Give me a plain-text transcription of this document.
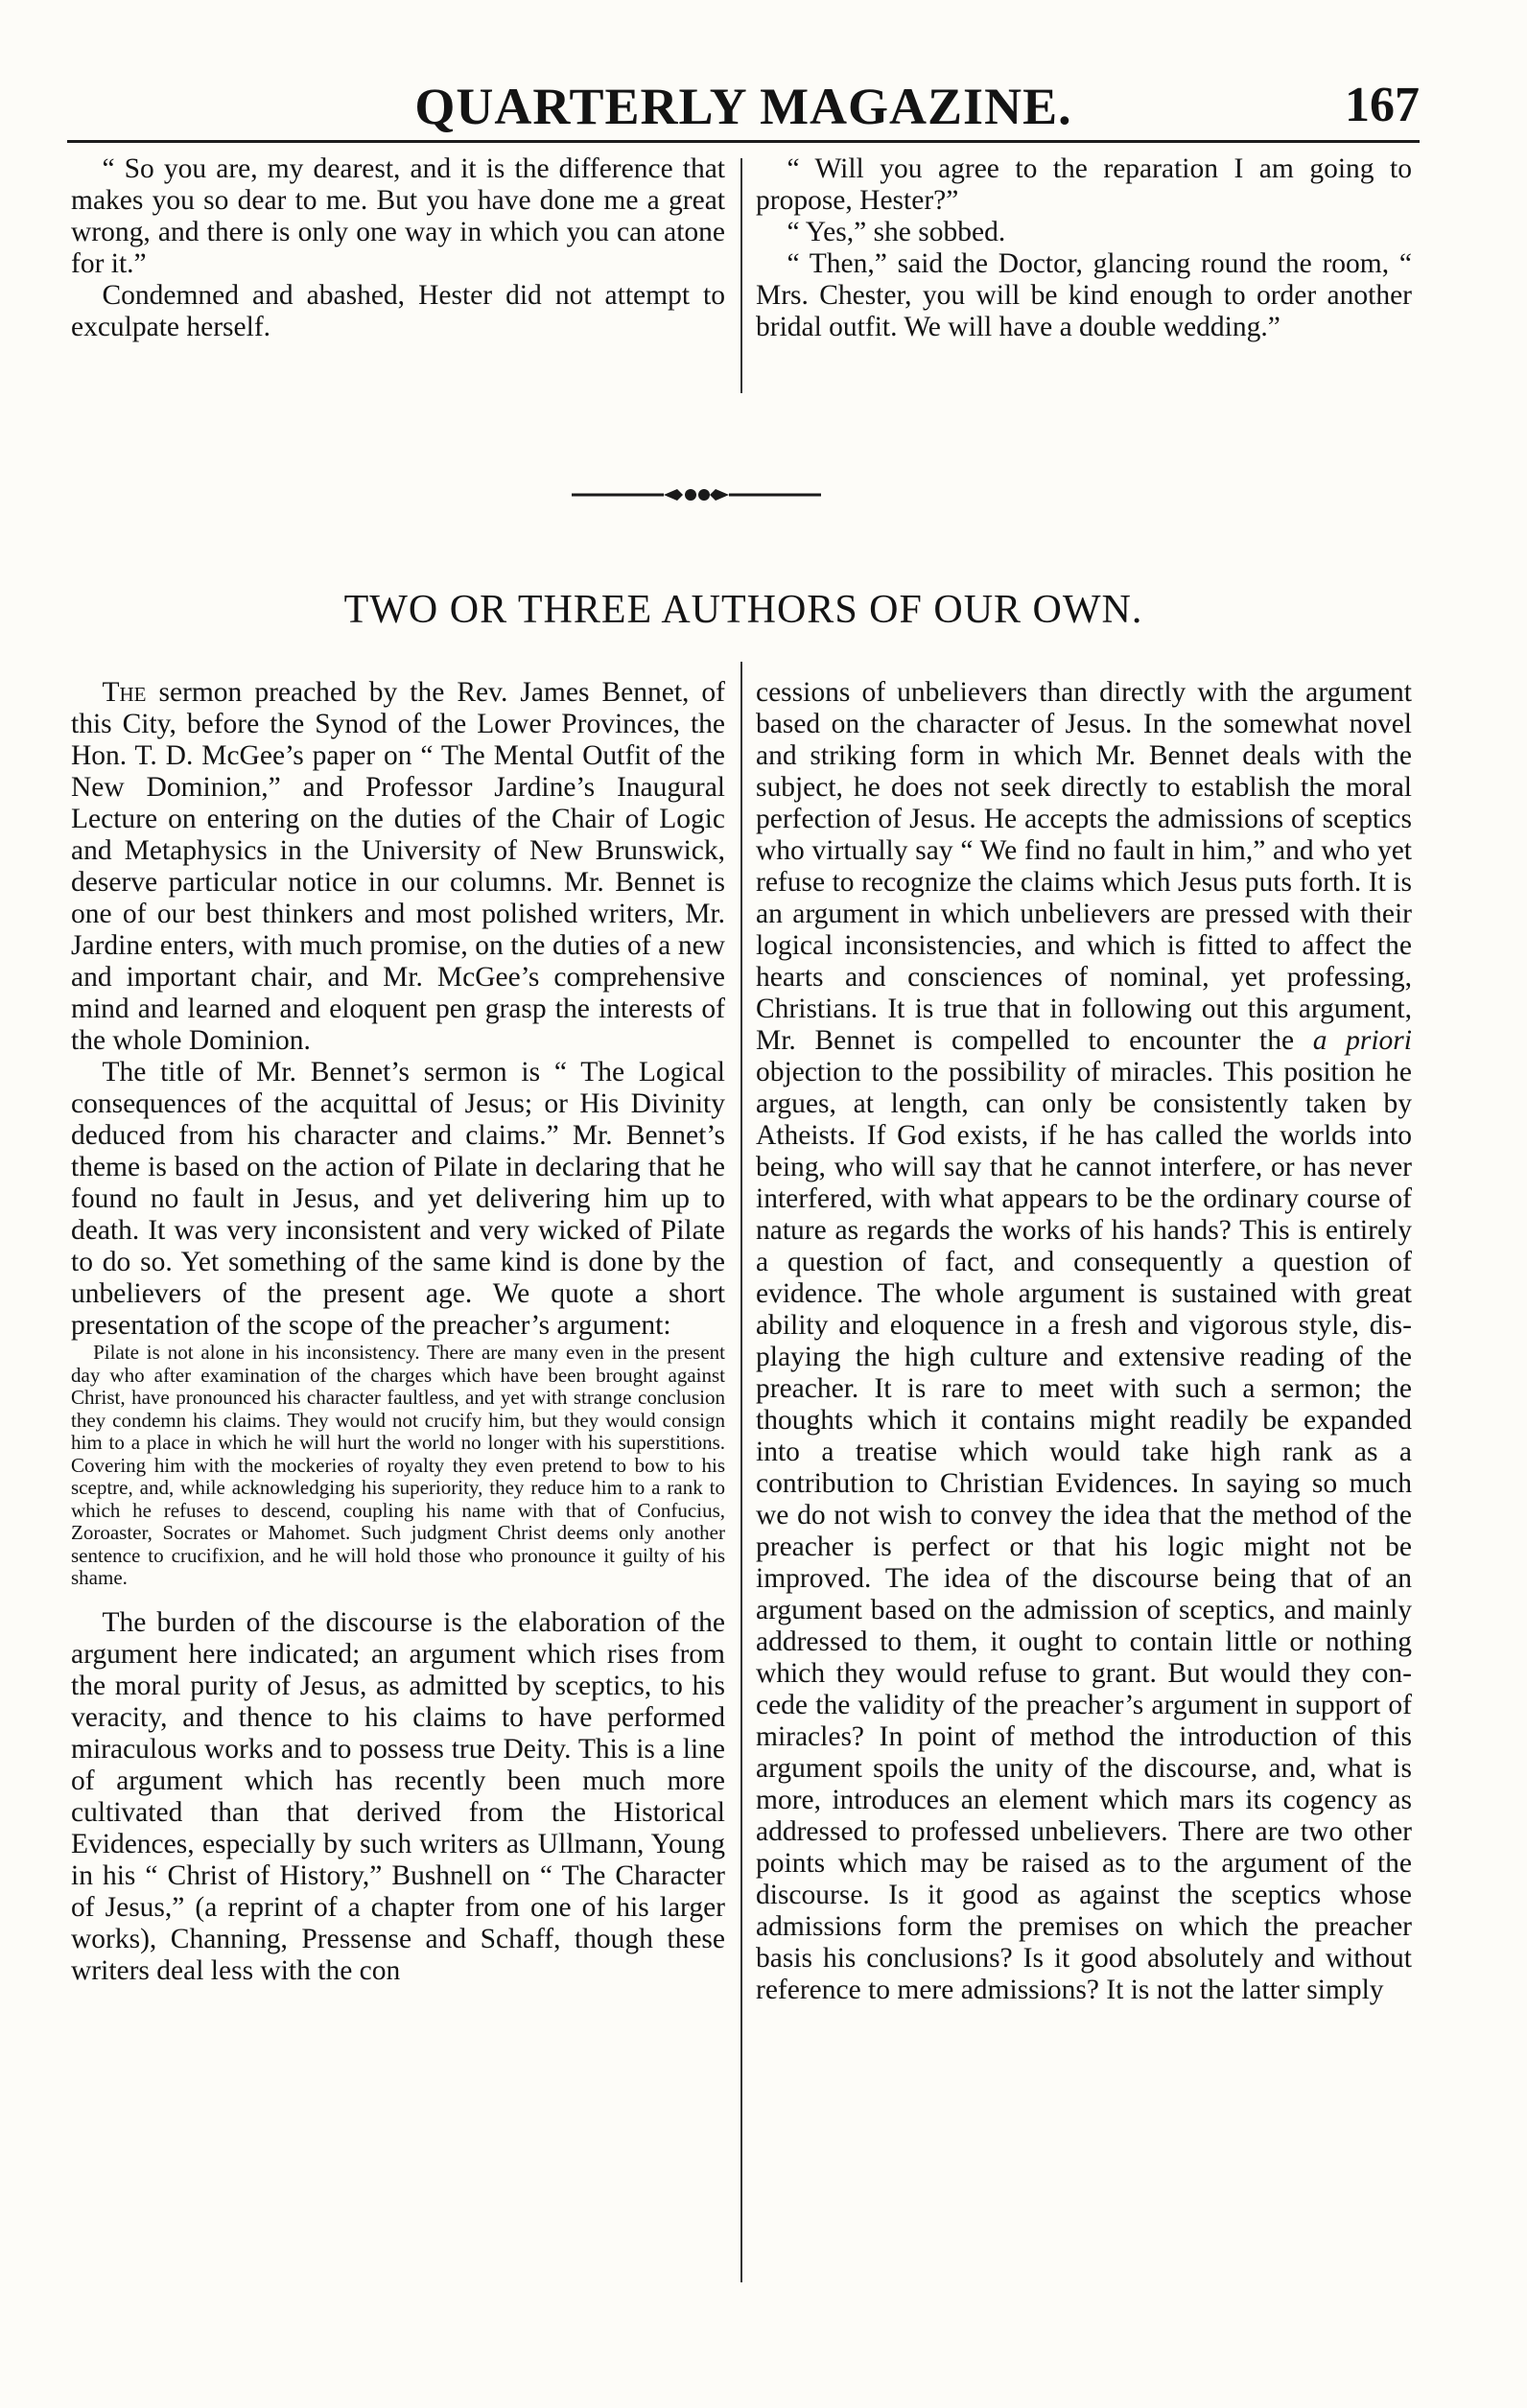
QUARTERLY MAGAZINE.	167

“ So you are, my dearest, and it is the difference that makes you so dear to me. But you have done me a great wrong, and there is only one way in which you can atone for it.”

Condemned and abashed, Hester did not attempt to exculpate herself.

“ Will you agree to the reparation I am going to propose, Hester?”

“ Yes,” she sobbed.

“ Then,” said the Doctor, glancing round the room, “ Mrs. Chester, you will be kind enough to order another bridal outfit. We will have a double wedding.”

TWO OR THREE AUTHORS OF OUR OWN.

The sermon preached by the Rev. James Bennet, of this City, before the Synod of the Lower Provinces, the Hon. T. D. McGee’s paper on “ The Mental Outfit of the New Dominion,” and Professor Jardine’s Inaugural Lecture on entering on the duties of the Chair of Logic and Metaphysics in the University of New Brunswick, deserve particular notice in our columns. Mr. Bennet is one of our best thinkers and most polished writers, Mr. Jardine enters, with much promise, on the duties of a new and important chair, and Mr. McGee’s comprehensive mind and learned and eloquent pen grasp the interests of the whole Dominion.

The title of Mr. Bennet’s sermon is “ The Logical consequences of the acquittal of Jesus; or His Divinity deduced from his character and claims.” Mr. Bennet’s theme is based on the action of Pilate in declaring that he found no fault in Jesus, and yet delivering him up to death. It was very inconsistent and very wicked of Pilate to do so. Yet something of the same kind is done by the unbelievers of the present age. We quote a short presentation of the scope of the preacher’s argument:

Pilate is not alone in his inconsistency. There are many even in the present day who after examination of the charges which have been brought against Christ, have pronounced his character faultless, and yet with strange conclusion they condemn his claims. They would not crucify him, but they would consign him to a place in which he will hurt the world no longer with his superstitions. Covering him with the mockeries of royalty they even pretend to bow to his sceptre, and, while acknowledging his superiority, they reduce him to a rank to which he refuses to descend, coupling his name with that of Confucius, Zoroaster, Socrates or Mahomet. Such judgment Christ deems only another sentence to crucifixion, and he will hold those who pronounce it guilty of his shame.

The burden of the discourse is the elaboration of the argument here indicated; an argument which rises from the moral purity of Jesus, as admitted by sceptics, to his veracity, and thence to his claims to have performed miraculous works and to possess true Deity. This is a line of argument which has recently been much more cultivated than that derived from the Historical Evidences, especially by such writers as Ullmann, Young in his “ Christ of History,” Bushnell on “ The Character of Jesus,” (a reprint of a chapter from one of his larger works), Channing, Pressense and Schaff, though these writers deal less with the con

cessions of unbelievers than directly with the argument based on the character of Jesus. In the somewhat novel and striking form in which Mr. Bennet deals with the subject, he does not seek directly to establish the moral perfection of Jesus. He accepts the admissions of sceptics who virtually say “ We find no fault in him,” and who yet refuse to recognize the claims which Jesus puts forth. It is an argument in which unbelievers are pressed with their logical inconsistencies, and which is fitted to affect the hearts and consciences of nominal, yet professing, Christians. It is true that in following out this argument, Mr. Bennet is compelled to encounter the a priori objection to the possibility of miracles. This position he argues, at length, can only be consistently taken by Atheists. If God exists, if he has called the worlds into being, who will say that he cannot interfere, or has never interfered, with what appears to be the ordinary course of nature as regards the works of his hands? This is entirely a question of fact, and consequently a question of evidence. The whole argument is sustained with great ability and eloquence in a fresh and vigorous style, displaying the high culture and extensive reading of the preacher. It is rare to meet with such a sermon; the thoughts which it contains might readily be expanded into a treatise which would take high rank as a contribution to Christian Evidences. In saying so much we do not wish to convey the idea that the method of the preacher is perfect or that his logic might not be improved. The idea of the discourse being that of an argument based on the admission of sceptics, and mainly addressed to them, it ought to contain little or nothing which they would refuse to grant. But would they concede the validity of the preacher’s argument in support of miracles? In point of method the introduction of this argument spoils the unity of the discourse, and, what is more, introduces an element which mars its cogency as addressed to professed unbelievers. There are two other points which may be raised as to the argument of the discourse. Is it good as against the sceptics whose admissions form the premises on which the preacher basis his conclusions? Is it good absolutely and without reference to mere admissions? It is not the latter simply
